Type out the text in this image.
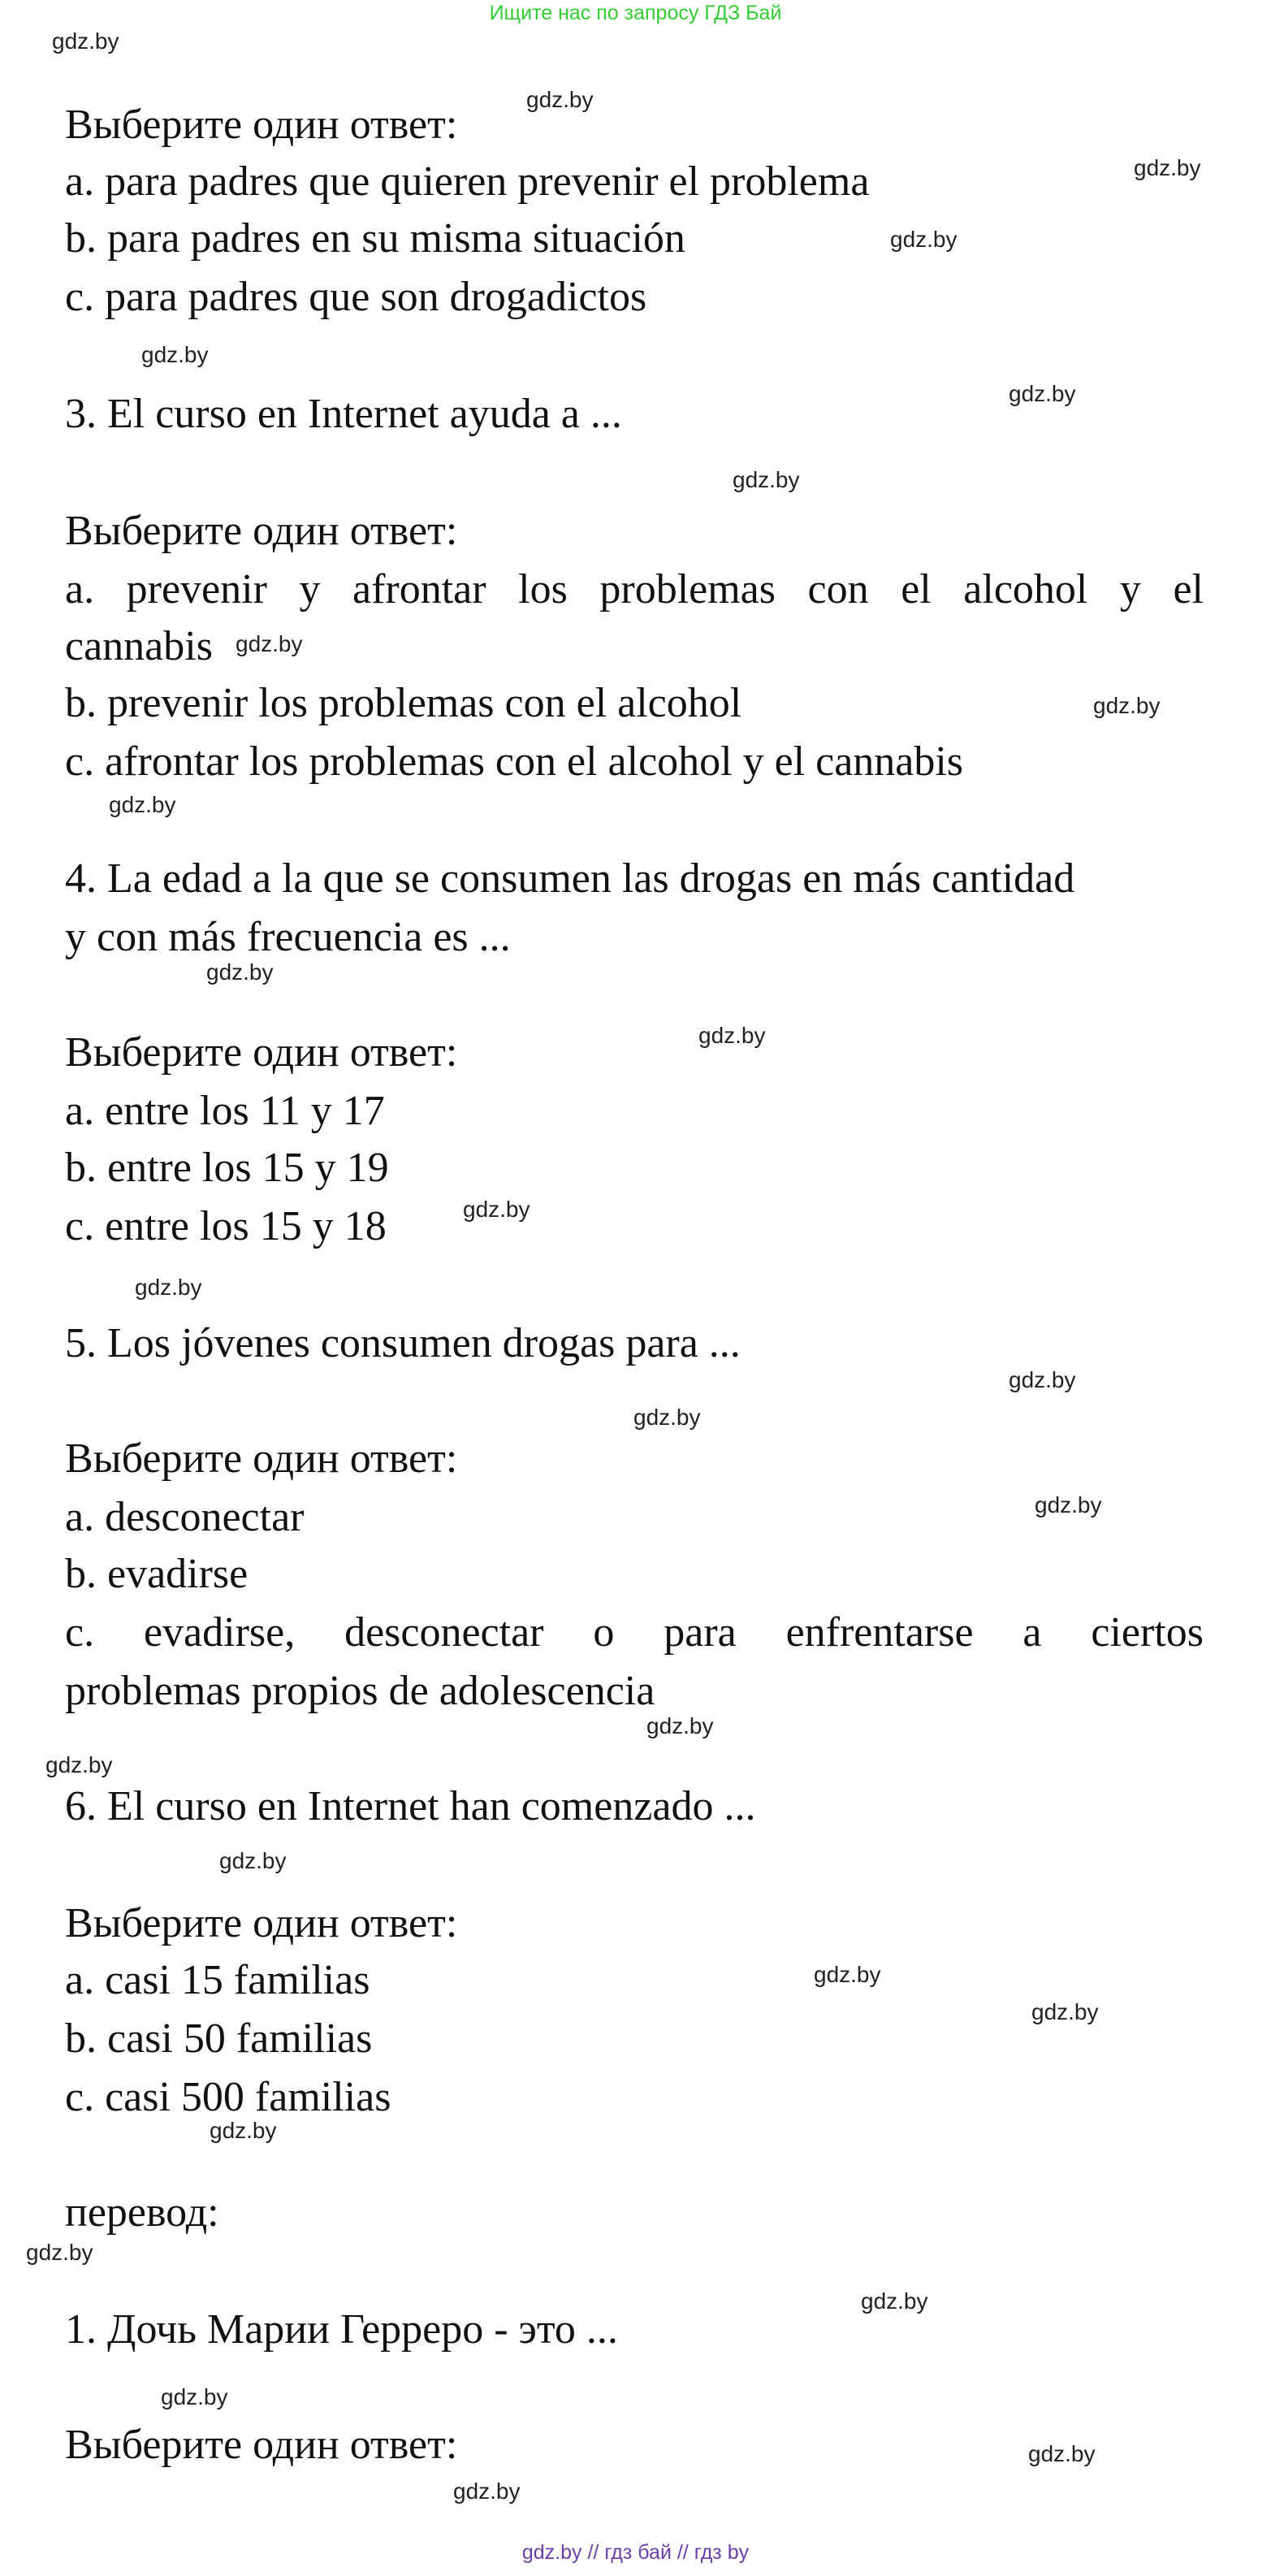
Ищите нас по запросу ГДЗ Бай

gdz.by

gdz.by

gdz.by

gdz.by

gdz.by

gdz.by

gdz.by

gdz.by

gdz.by

gdz.by

gdz.by

gdz.by

gdz.by

gdz.by

gdz.by

gdz.by

gdz.by

gdz.by

gdz.by

gdz.by

gdz.by

gdz.by

gdz.by

gdz.by

gdz.by

gdz.by

gdz.by

gdz.by

Выберите один ответ:

a. para padres que quieren prevenir el problema

b. para padres en su misma situación

c. para padres que son drogadictos

3. El curso en Internet ayuda a ...

Выберите один ответ:

a. prevenir y afrontar los problemas con el alcohol y el

cannabis

b. prevenir los problemas con el alcohol

c. afrontar los problemas con el alcohol y el cannabis

4. La edad a la que se consumen las drogas en más cantidad

y con más frecuencia es ...

Выберите один ответ:

a. entre los 11 y 17

b. entre los 15 y 19

c. entre los 15 y 18

5. Los jóvenes consumen drogas para ...

Выберите один ответ:

a. desconectar

b. evadirse

c. evadirse, desconectar o para enfrentarse a ciertos

problemas propios de adolescencia

6. El curso en Internet han comenzado ...

Выберите один ответ:

a. casi 15 familias

b. casi 50 familias

c. casi 500 familias

перевод:

1. Дочь Марии Герреро - это ...

Выберите один ответ:

gdz.by // гдз бай // гдз by
